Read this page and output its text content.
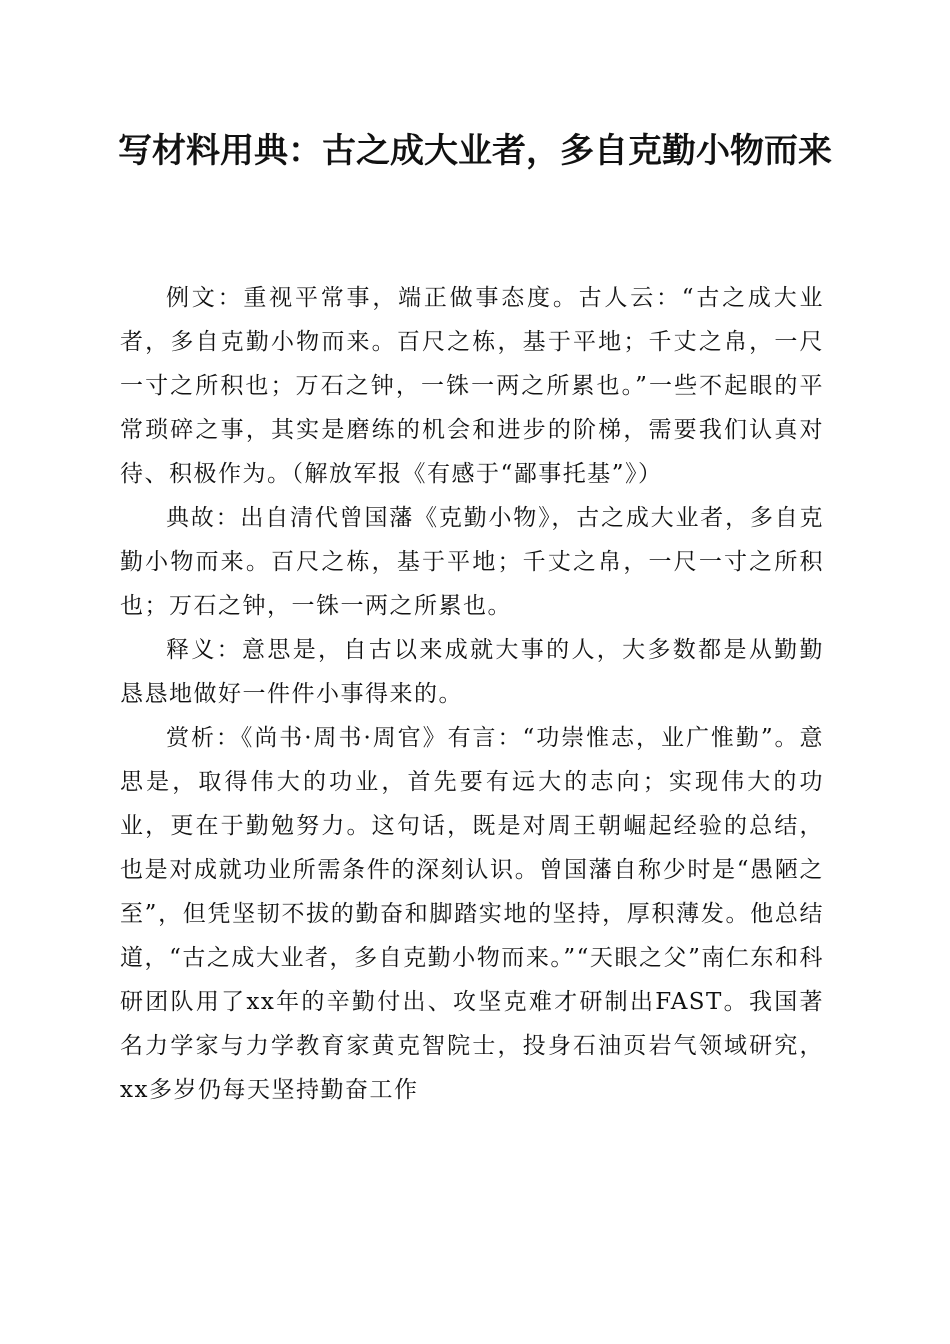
写材料用典：古之成大业者，多自克勤小物而来

例文：重视平常事，端正做事态度。古人云：“古之成大业者，多自克勤小物而来。百尺之栋，基于平地；千丈之帛，一尺一寸之所积也；万石之钟，一铢一两之所累也。”一些不起眼的平常琐碎之事，其实是磨练的机会和进步的阶梯，需要我们认真对待、积极作为。（解放军报《有感于“鄙事托基”》）

典故：出自清代曾国藩《克勤小物》，古之成大业者，多自克勤小物而来。百尺之栋，基于平地；千丈之帛，一尺一寸之所积也；万石之钟，一铢一两之所累也。

释义：意思是，自古以来成就大事的人，大多数都是从勤勤恳恳地做好一件件小事得来的。

赏析：《尚书·周书·周官》有言：“功崇惟志，业广惟勤”。意思是，取得伟大的功业，首先要有远大的志向；实现伟大的功业，更在于勤勉努力。这句话，既是对周王朝崛起经验的总结，也是对成就功业所需条件的深刻认识。曾国藩自称少时是“愚陋之至”，但凭坚韧不拔的勤奋和脚踏实地的坚持，厚积薄发。他总结道，“古之成大业者，多自克勤小物而来。”“天眼之父”南仁东和科研团队用了xx年的辛勤付出、攻坚克难才研制出FAST。我国著名力学家与力学教育家黄克智院士，投身石油页岩气领域研究，xx多岁仍每天坚持勤奋工作
